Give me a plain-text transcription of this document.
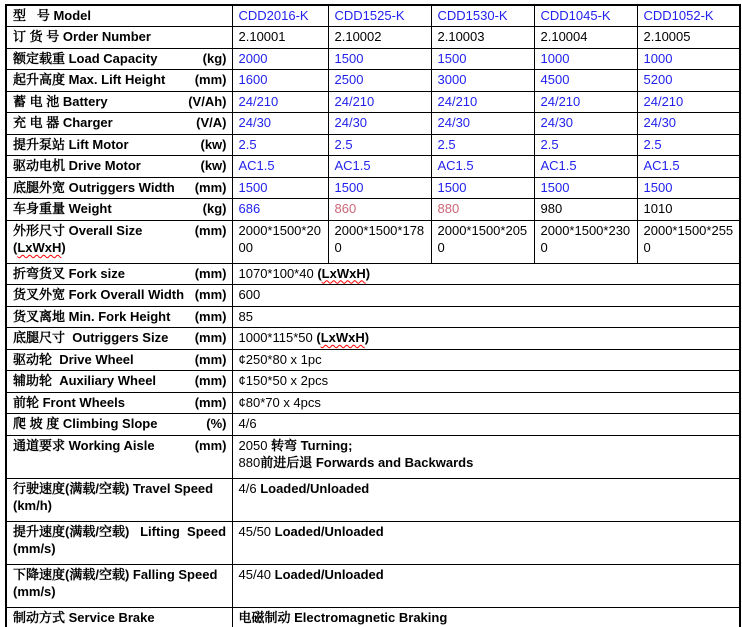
型   号 Model	CDD2016-K	CDD1525-K	CDD1530-K	CDD1045-K	CDD1052-K

订 货 号 Order Number	2.10001	2.10002	2.10003	2.10004	2.10005

额定载重 Load Capacity (kg)	2000	1500	1500	1000	1000

起升高度 Max. Lift Height (mm)	1600	2500	3000	4500	5200

蓄 电 池 Battery (V/Ah)	24/210	24/210	24/210	24/210	24/210

充 电 器 Charger (V/A)	24/30	24/30	24/30	24/30	24/30

提升泵站 Lift Motor (kw)	2.5	2.5	2.5	2.5	2.5

驱动电机 Drive Motor (kw)	AC1.5	AC1.5	AC1.5	AC1.5	AC1.5

底腿外宽 Outriggers Width (mm)	1500	1500	1500	1500	1500

车身重量 Weight (kg)	686	860	880	980	1010

外形尺寸 Overall Size (LxWxH)
(mm)	2000*1500*2000	2000*1500*1780	2000*1500*2050	2000*1500*2300	2000*1500*2550

折弯货叉 Fork size (mm)	1070*100*40 (LxWxH)				

货叉外宽 Fork Overall Width (mm)	600				

货叉离地 Min. Fork Height (mm)	85				

底腿尺寸  Outriggers Size (mm)	1000*115*50 (LxWxH)				

驱动轮  Drive Wheel (mm)	¢250*80 x 1pc				

辅助轮  Auxiliary Wheel (mm)	¢150*50 x 2pcs				

前轮 Front Wheels (mm)	¢80*70 x 4pcs				

爬 坡 度 Climbing Slope (%)	4/6				

通道要求 Working Aisle	(mm)	2050 转弯 Turning;
880前进后退 Forwards and Backwards

行驶速度(满载/空载) Travel Speed
(km/h)	4/6 Loaded/Unloaded				

提升速度(满载/空载)   Lifting  Speed
(mm/s)	45/50 Loaded/Unloaded				

下降速度(满载/空载) Falling Speed
(mm/s)	45/40 Loaded/Unloaded				

制动方式 Service Brake	电磁制动 Electromagnetic Braking				
